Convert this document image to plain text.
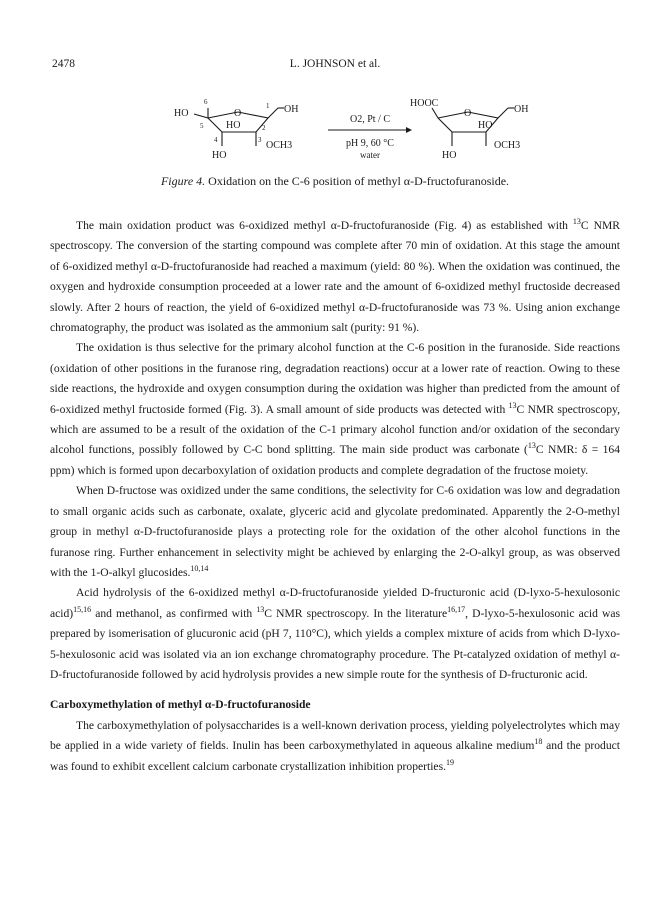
2478	L. JOHNSON et al.
HO
6
O
1 OH
5 HO	2
4	3 OCH3
HO
O2, Pt / C
pH 9, 60 °C
water
HOOC
O	OH
HO
OCH3
HO
Figure 4. Oxidation on the C-6 position of methyl α-D-fructofuranoside.

The main oxidation product was 6-oxidized methyl α-D-fructofuranoside (Fig. 4) as established with $^{13}$C NMR spectroscopy. The conversion of the starting compound was complete after 70 min of oxidation. At this stage the amount of 6-oxidized methyl α-D-fructofuranoside had reached a maximum (yield: 80 %). When the oxidation was continued, the oxygen and hydroxide consumption proceeded at a lower rate and the amount of 6-oxidized methyl fructoside decreased slowly. After 2 hours of reaction, the yield of 6-oxidized methyl α-D-fructofuranoside was 73 %. Using anion exchange chromatography, the product was isolated as the ammonium salt (purity: 91 %).

The oxidation is thus selective for the primary alcohol function at the C-6 position in the furanoside. Side reactions (oxidation of other positions in the furanose ring, degradation reactions) occur at a lower rate of reaction. Owing to these side reactions, the hydroxide and oxygen consumption during the oxidation was higher than predicted from the amount of 6-oxidized methyl fructoside formed (Fig. 3). A small amount of side products was detected with $^{13}$C NMR spectroscopy, which are assumed to be a result of the oxidation of the C-1 primary alcohol function and/or oxidation of the secondary alcohol functions, possibly followed by C-C bond splitting. The main side product was carbonate ($^{13}$C NMR: δ = 164 ppm) which is formed upon decarboxylation of oxidation products and complete degradation of the fructose moiety.

When D-fructose was oxidized under the same conditions, the selectivity for C-6 oxidation was low and degradation to small organic acids such as carbonate, oxalate, glyceric acid and glycolate predominated. Apparently the 2-O-methyl group in methyl α-D-fructofuranoside plays a protecting role for the oxidation of the other alcohol functions in the furanose ring. Further enhancement in selectivity might be achieved by enlarging the 2-O-alkyl group, as was observed with the 1-O-alkyl glucosides.$^{10,14}$

Acid hydrolysis of the 6-oxidized methyl α-D-fructofuranoside yielded D-fructuronic acid (D-lyxo-5-hexulosonic acid)$^{15,16}$ and methanol, as confirmed with $^{13}$C NMR spectroscopy. In the literature$^{16,17}$, D-lyxo-5-hexulosonic acid was prepared by isomerisation of glucuronic acid (pH 7, 110°C), which yields a complex mixture of acids from which D-lyxo-5-hexulosonic acid was isolated via an ion exchange chromatography procedure. The Pt-catalyzed oxidation of methyl α-D-fructofuranoside followed by acid hydrolysis provides a new simple route for the synthesis of D-fructuronic acid.

Carboxymethylation of methyl α-D-fructofuranoside

The carboxymethylation of polysaccharides is a well-known derivation process, yielding polyelectrolytes which may be applied in a wide variety of fields. Inulin has been carboxymethylated in aqueous alkaline medium$^{18}$ and the product was found to exhibit excellent calcium carbonate crystallization inhibition properties.$^{19}$
